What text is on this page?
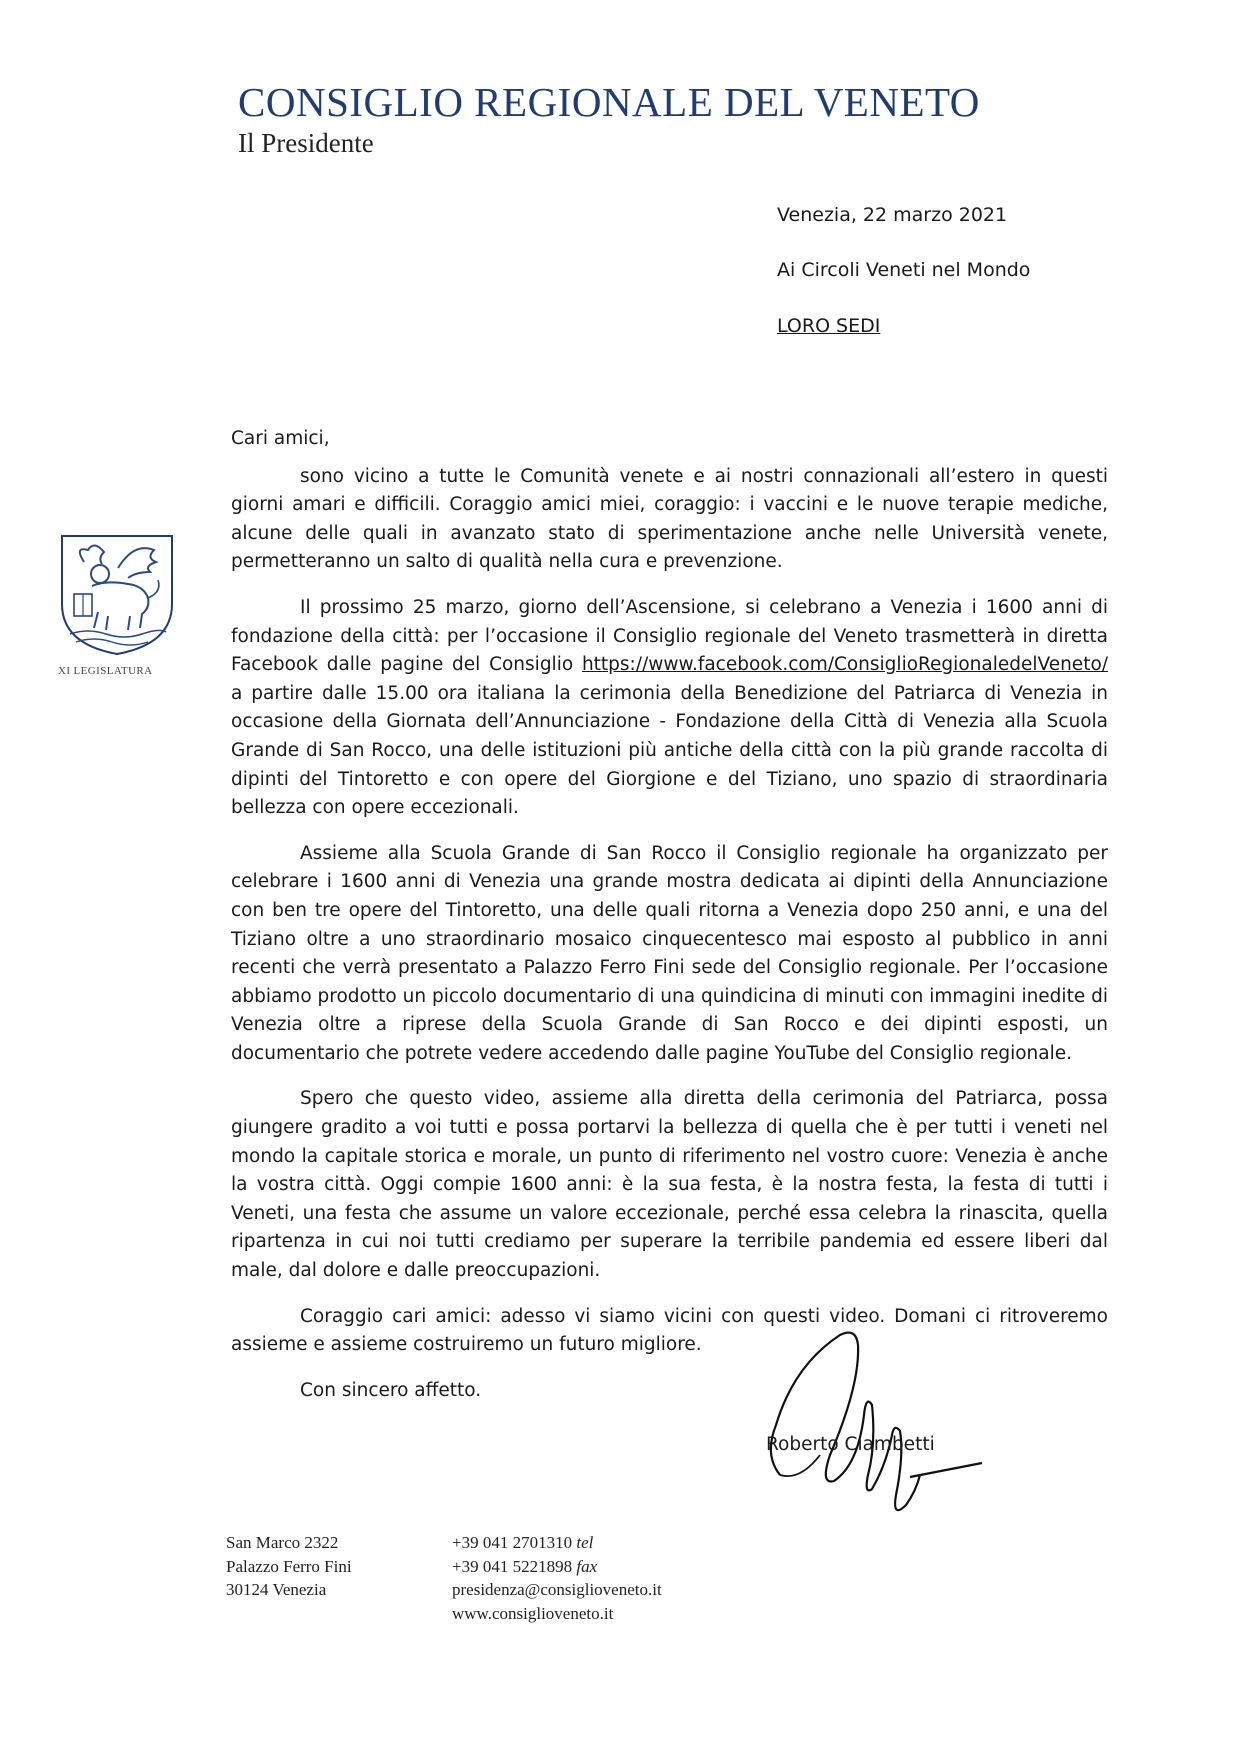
CONSIGLIO REGIONALE DEL VENETO
Il Presidente
Venezia, 22 marzo 2021
Ai Circoli Veneti nel Mondo
LORO SEDI
XI LEGISLATURA

Cari amici,

sono vicino a tutte le Comunità venete e ai nostri connazionali all’estero in questi giorni amari e difficili. Coraggio amici miei, coraggio: i vaccini e le nuove terapie mediche, alcune delle quali in avanzato stato di sperimentazione anche nelle Università venete, permetteranno un salto di qualità nella cura e prevenzione.

Il prossimo 25 marzo, giorno dell’Ascensione, si celebrano a Venezia i 1600 anni di fondazione della città: per l’occasione il Consiglio regionale del Veneto trasmetterà in diretta Facebook dalle pagine del Consiglio https://www.facebook.com/ConsiglioRegionaledelVeneto/ a partire dalle 15.00 ora italiana la cerimonia della Benedizione del Patriarca di Venezia in occasione della Giornata dell’Annunciazione - Fondazione della Città di Venezia alla Scuola Grande di San Rocco, una delle istituzioni più antiche della città con la più grande raccolta di dipinti del Tintoretto e con opere del Giorgione e del Tiziano, uno spazio di straordinaria bellezza con opere eccezionali.

Assieme alla Scuola Grande di San Rocco il Consiglio regionale ha organizzato per celebrare i 1600 anni di Venezia una grande mostra dedicata ai dipinti della Annunciazione con ben tre opere del Tintoretto, una delle quali ritorna a Venezia dopo 250 anni, e una del Tiziano oltre a uno straordinario mosaico cinquecentesco mai esposto al pubblico in anni recenti che verrà presentato a Palazzo Ferro Fini sede del Consiglio regionale. Per l’occasione abbiamo prodotto un piccolo documentario di una quindicina di minuti con immagini inedite di Venezia oltre a riprese della Scuola Grande di San Rocco e dei dipinti esposti, un documentario che potrete vedere accedendo dalle pagine YouTube del Consiglio regionale.

Spero che questo video, assieme alla diretta della cerimonia del Patriarca, possa giungere gradito a voi tutti e possa portarvi la bellezza di quella che è per tutti i veneti nel mondo la capitale storica e morale, un punto di riferimento nel vostro cuore: Venezia è anche la vostra città. Oggi compie 1600 anni: è la sua festa, è la nostra festa, la festa di tutti i Veneti, una festa che assume un valore eccezionale, perché essa celebra la rinascita, quella ripartenza in cui noi tutti crediamo per superare la terribile pandemia ed essere liberi dal male, dal dolore e dalle preoccupazioni.

Coraggio cari amici: adesso vi siamo vicini con questi video. Domani ci ritroveremo assieme e assieme costruiremo un futuro migliore.

Con sincero affetto.

Roberto Ciambetti
San Marco 2322
Palazzo Ferro Fini
30124 Venezia
+39 041 2701310 tel
+39 041 5221898 fax
presidenza@consiglioveneto.it
www.consiglioveneto.it
